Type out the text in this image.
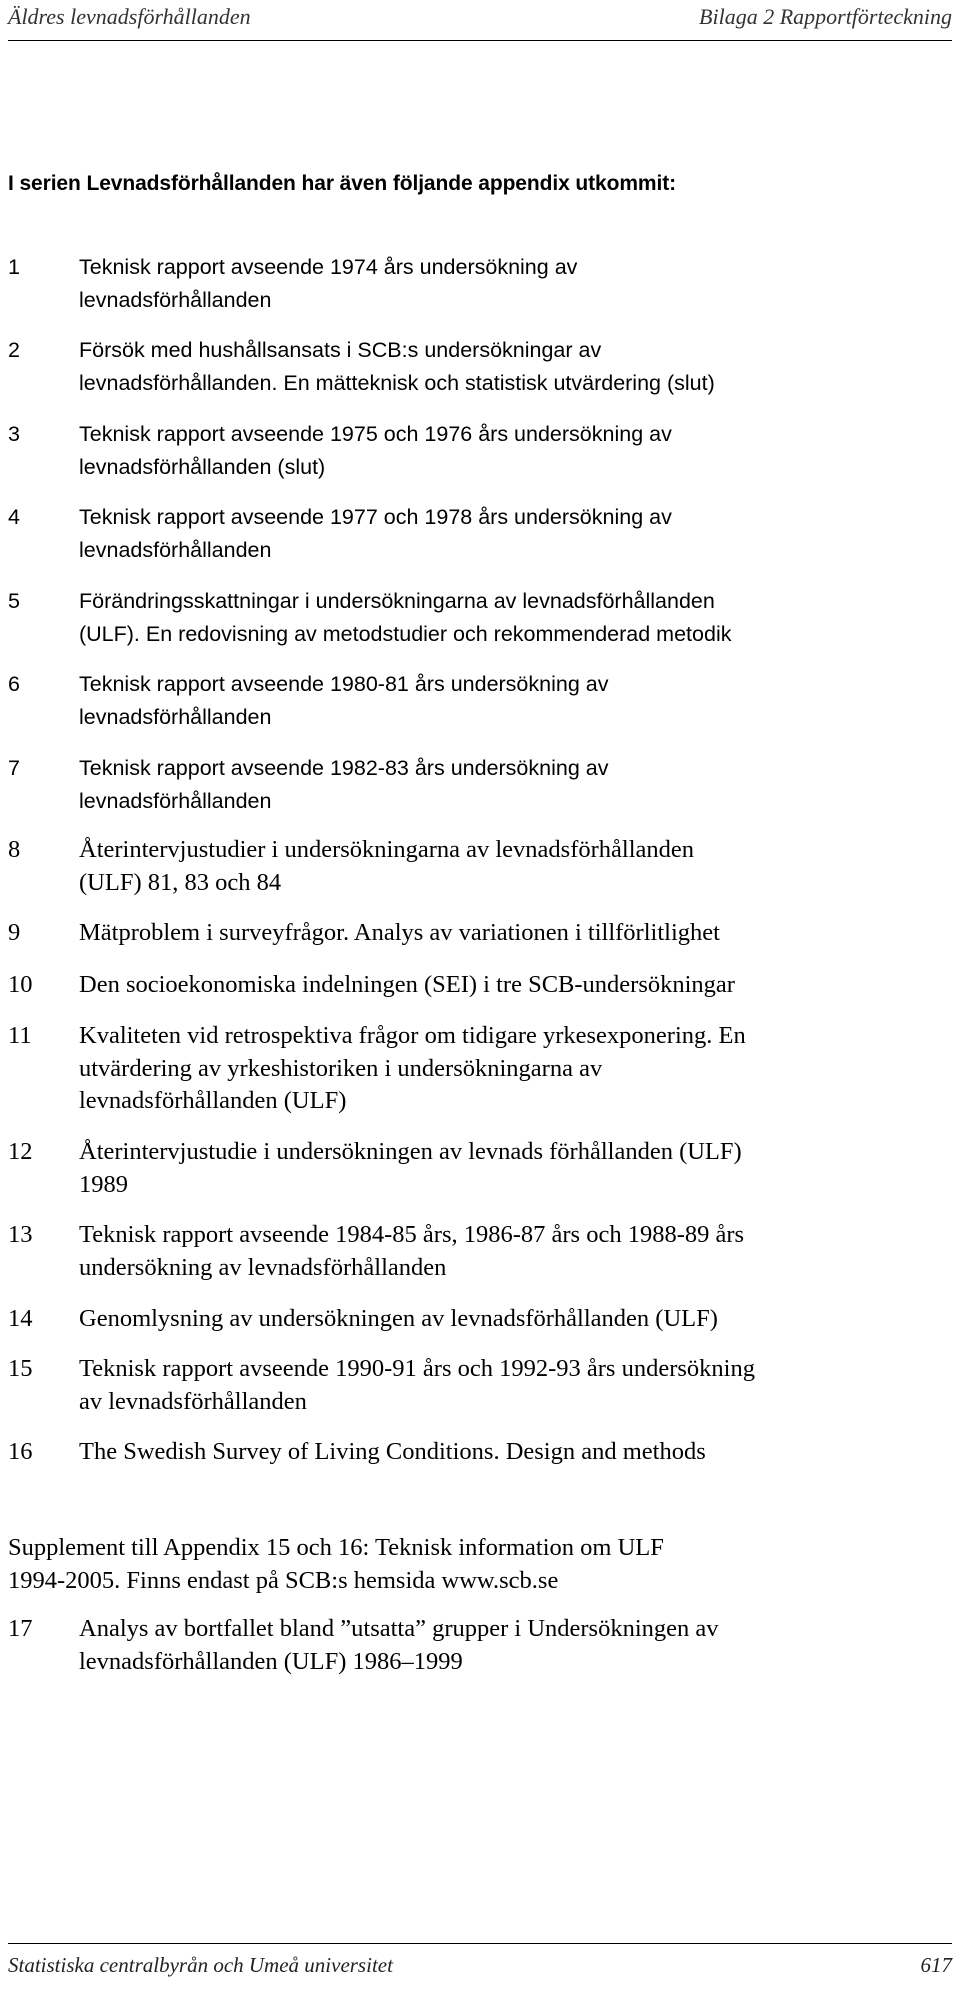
Äldres levnadsförhållanden	Bilaga 2 Rapportförteckning
I serien Levnadsförhållanden har även följande appendix utkommit:
1	Teknisk rapport avseende 1974 års undersökning av
levnadsförhållanden
2	Försök med hushållsansats i SCB:s undersökningar av
levnadsförhållanden. En mätteknisk och statistisk utvärdering (slut)
3	Teknisk rapport avseende 1975 och 1976 års undersökning av
levnadsförhållanden (slut)
4	Teknisk rapport avseende 1977 och 1978 års undersökning av
levnadsförhållanden
5	Förändringsskattningar i undersökningarna av levnadsförhållanden
(ULF). En redovisning av metodstudier och rekommenderad metodik
6	Teknisk rapport avseende 1980-81 års undersökning av
levnadsförhållanden
7	Teknisk rapport avseende 1982-83 års undersökning av
levnadsförhållanden
8 Återintervjustudier i undersökningarna av levnadsförhållanden
(ULF) 81, 83 och 84
9 Mätproblem i surveyfrågor. Analys av variationen i tillförlitlighet
10 Den socioekonomiska indelningen (SEI) i tre SCB-undersökningar
11 Kvaliteten vid retrospektiva frågor om tidigare yrkesexponering. En
utvärdering av yrkeshistoriken i undersökningarna av
levnadsförhållanden (ULF)
12 Återintervjustudie i undersökningen av levnads förhållanden (ULF)
1989
13 Teknisk rapport avseende 1984-85 års, 1986-87 års och 1988-89 års
undersökning av levnadsförhållanden
14 Genomlysning av undersökningen av levnadsförhållanden (ULF)
15 Teknisk rapport avseende 1990-91 års och 1992-93 års undersökning
av levnadsförhållanden
16 The Swedish Survey of Living Conditions. Design and methods
17 Analys av bortfallet bland ”utsatta” grupper i Undersökningen av
levnadsförhållanden (ULF) 1986–1999
Supplement till Appendix 15 och 16: Teknisk information om ULF
1994-2005. Finns endast på SCB:s hemsida www.scb.se
Statistiska centralbyrån och Umeå universitet	617
